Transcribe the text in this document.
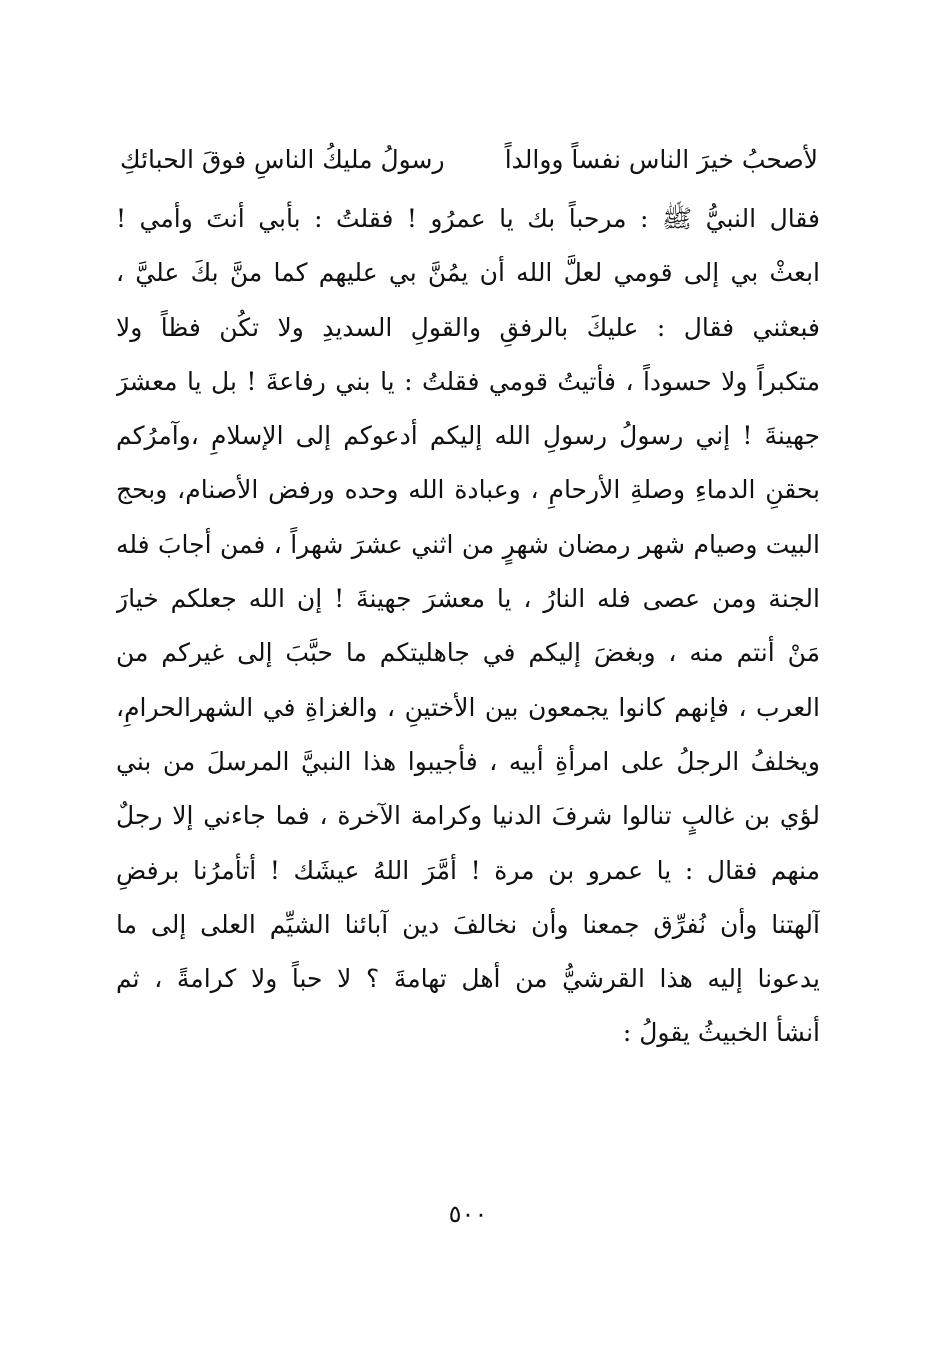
لأصحبُ خيرَ الناس نفساً ووالداً
رسولُ مليكُ الناسِ فوقَ الحبائكِ
فقال النبيُّ ﷺ : مرحباً بك يا عمرُو ! فقلتُ : بأبي أنتَ وأمي !
ابعثْ بي إلى قومي لعلَّ الله أن يمُنَّ بي عليهم كما منَّ بكَ عليَّ ،
فبعثني فقال : عليكَ بالرفقِ والقولِ السديدِ ولا تكُن فظاً ولا
متكبراً ولا حسوداً ، فأتيتُ قومي فقلتُ : يا بني رفاعةَ ! بل يا معشرَ
جهينةَ ! إني رسولُ رسولِ الله إليكم أدعوكم إلى الإسلامِ ،وآمرُكم
بحقنِ الدماءِ وصلةِ الأرحامِ ، وعبادة الله وحده ورفض الأصنام، وبحج
البيت وصيام شهر رمضان شهرٍ من اثني عشرَ شهراً ، فمن أجابَ فله
الجنة ومن عصى فله النارُ ، يا معشرَ جهينةَ ! إن الله جعلكم خيارَ
مَنْ أنتم منه ، وبغضَ إليكم في جاهليتكم ما حبَّبَ إلى غيركم من
العرب ، فإنهم كانوا يجمعون بين الأختينِ ، والغزاةِ في الشهرالحرامِ،
ويخلفُ الرجلُ على امرأةِ أبيه ، فأجيبوا هذا النبيَّ المرسلَ من بني
لؤي بن غالبٍ تنالوا شرفَ الدنيا وكرامة الآخرة ، فما جاءني إلا رجلٌ
منهم فقال : يا عمرو بن مرة ! أمَّرَ اللهُ عيشَك ! أتأمرُنا برفضِ
آلهتنا وأن نُفرِّق جمعنا وأن نخالفَ دين آبائنا الشيِّم العلى إلى ما
يدعونا إليه هذا القرشيُّ من أهل تهامةَ ؟ لا حباً ولا كرامةً ، ثم
أنشأ الخبيثُ يقولُ :
٥٠٠
